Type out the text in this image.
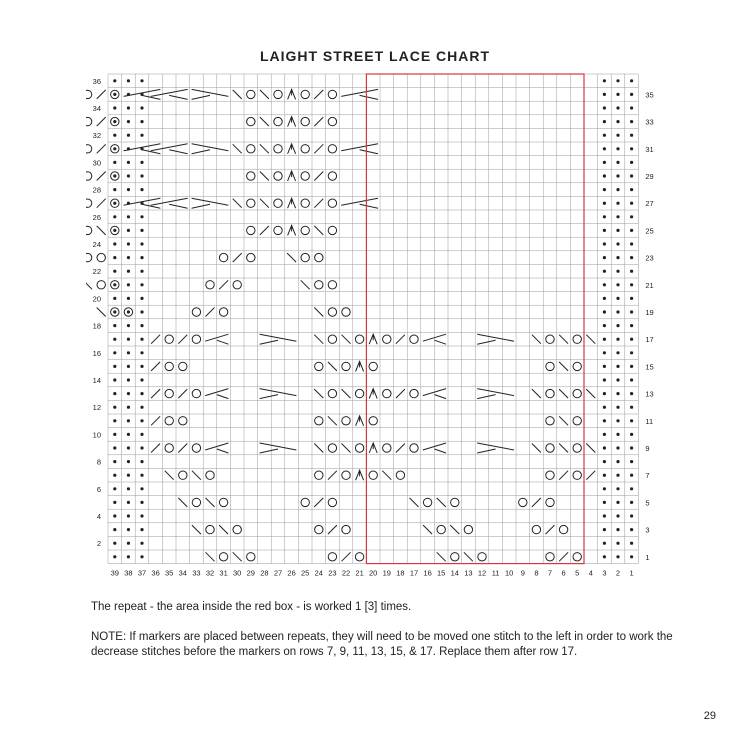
LAIGHT STREET LACE CHART
39 38 37 36 35 34 33 32 31 30 29 28 27 26 25 24 23 22 21 20 19 18 17 16 15 14 13 12 11 10 9 8 7 6 5 4 3 2 1
36
34
32
30
28
26
24
22
20
18
16
14
12
10
8
6
4
2
35
33
31
29
27
25
23
21
19
17
15
13
11
9
7
5
3
1
The repeat - the area inside the red box - is worked 1 [3] times.
NOTE: If markers are placed between repeats, they will need to be moved one stitch to the left in order to work the decrease stitches before the markers on rows 7, 9, 11, 13, 15, & 17. Replace them after row 17.
29
